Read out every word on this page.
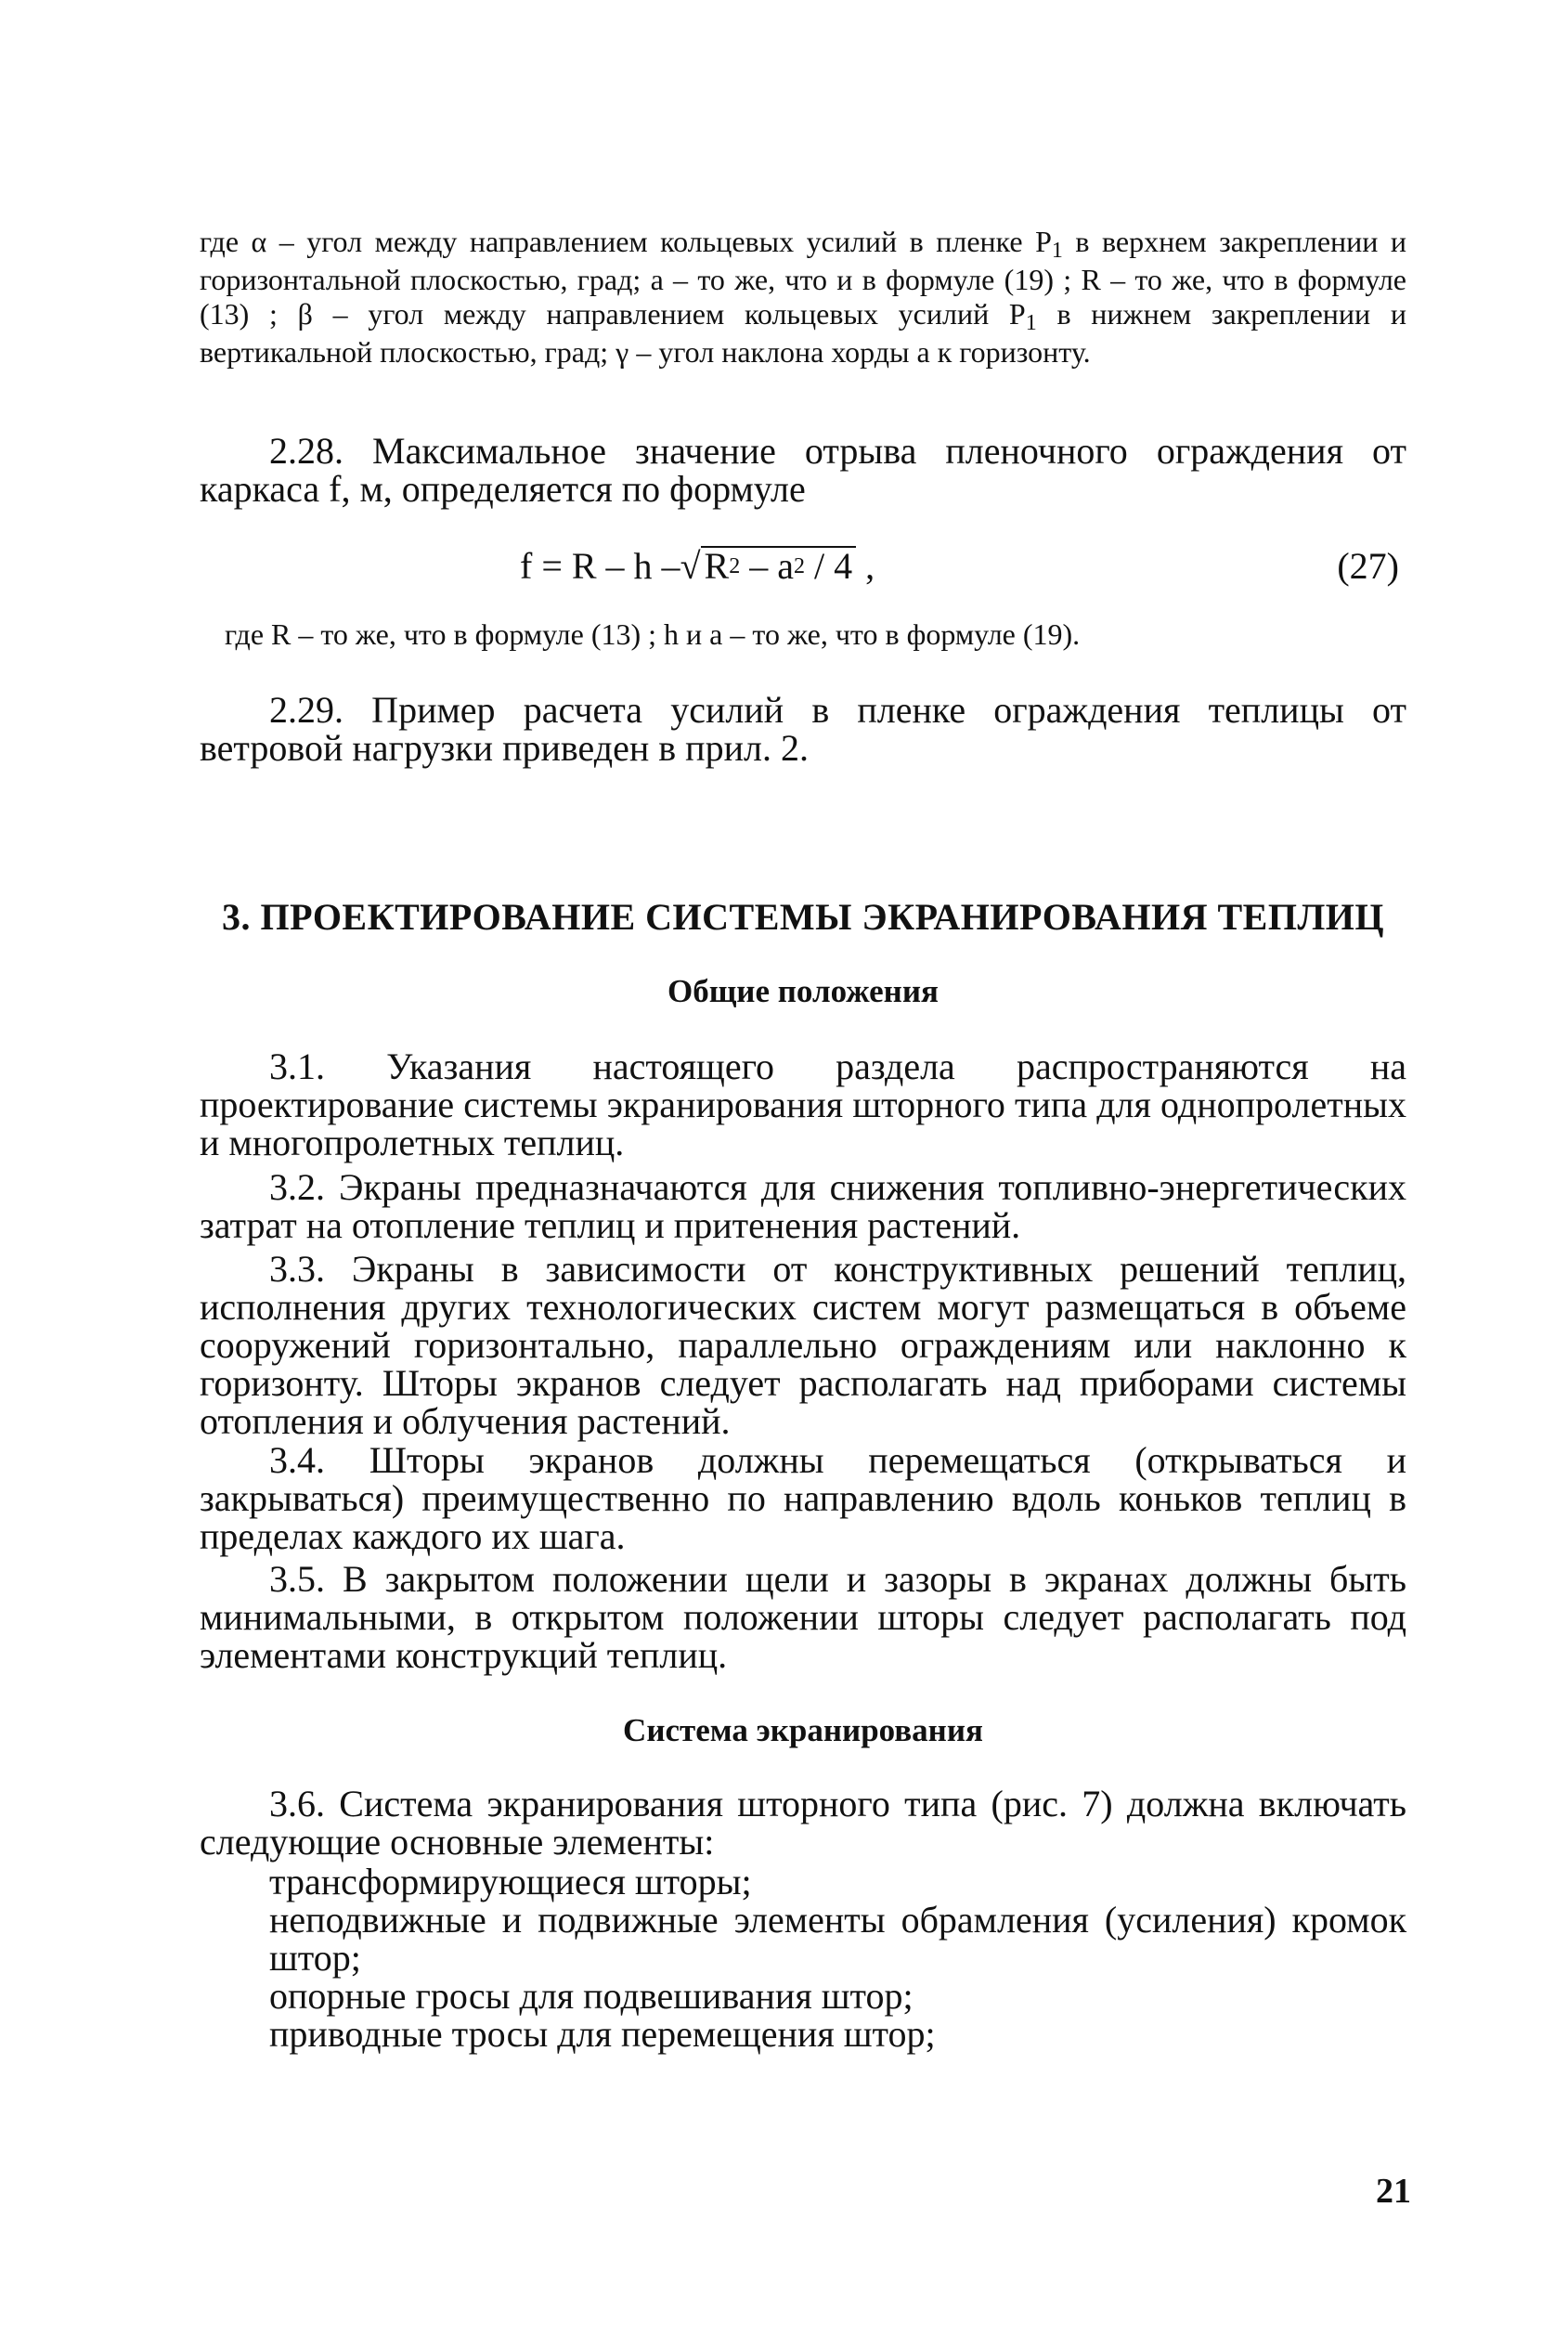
где α – угол между направлением кольцевых усилий в пленке P1 в верхнем закреплении и горизонтальной плоскостью, град; a – то же, что и в формуле (19) ; R – то же, что в формуле (13) ; β – угол между направлением кольцевых усилий P1 в нижнем закреплении и вертикальной плоскостью, град; γ – угол наклона хорды a к горизонту.
2.28. Максимальное значение отрыва пленочного ограждения от каркаса f, м, определяется по формуле
f = R – h –√ $R^2 - a^2 / 4$ ,	(27)
где R – то же, что в формуле (13) ; h и a – то же, что в формуле (19).
2.29. Пример расчета усилий в пленке ограждения теплицы от ветровой нагрузки приведен в прил. 2.
3. ПРОЕКТИРОВАНИЕ СИСТЕМЫ ЭКРАНИРОВАНИЯ ТЕПЛИЦ
Общие положения
3.1. Указания настоящего раздела распространяются на проектирование системы экранирования шторного типа для однопролетных и многопролетных теплиц.
3.2. Экраны предназначаются для снижения топливно-энергетических затрат на отопление теплиц и притенения растений.
3.3. Экраны в зависимости от конструктивных решений теплиц, исполнения других технологических систем могут размещаться в объеме сооружений горизонтально, параллельно ограждениям или наклонно к горизонту. Шторы экранов следует располагать над приборами системы отопления и облучения растений.
3.4. Шторы экранов должны перемещаться (открываться и закрываться) преимущественно по направлению вдоль коньков теплиц в пределах каждого их шага.
3.5. В закрытом положении щели и зазоры в экранах должны быть минимальными, в открытом положении шторы следует располагать под элементами конструкций теплиц.
Система экранирования
3.6. Система экранирования шторного типа (рис. 7) должна включать следующие основные элементы:
трансформирующиеся шторы;
неподвижные и подвижные элементы обрамления (усиления) кромок штор;
опорные гросы для подвешивания штор;
приводные тросы для перемещения штор;
21
